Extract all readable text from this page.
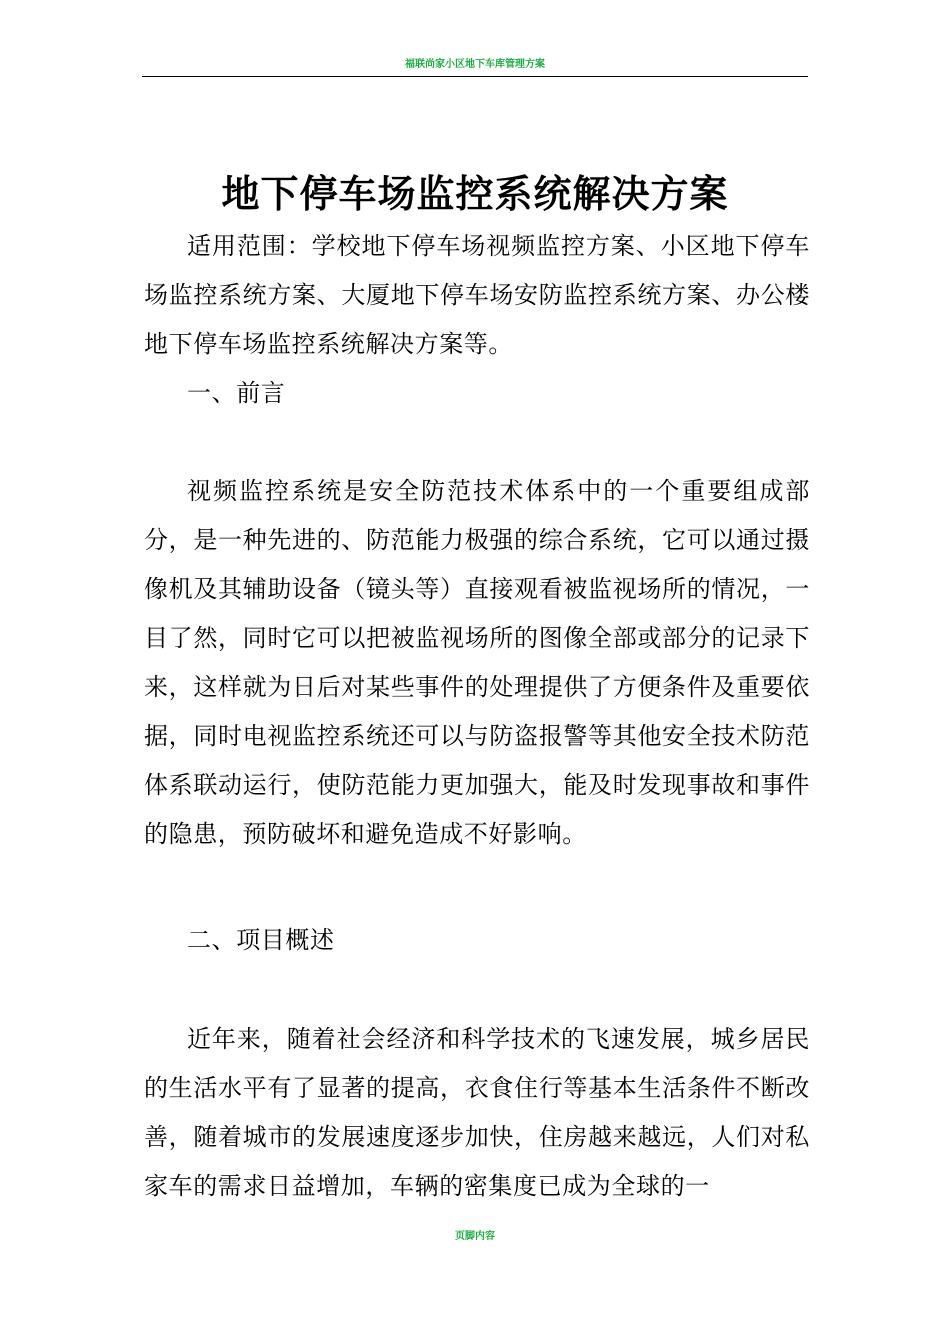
福联尚家小区地下车库管理方案
地下停车场监控系统解决方案

适用范围：学校地下停车场视频监控方案、小区地下停车场监控系统方案、大厦地下停车场安防监控系统方案、办公楼地下停车场监控系统解决方案等。

一、前言

视频监控系统是安全防范技术体系中的一个重要组成部分，是一种先进的、防范能力极强的综合系统，它可以通过摄像机及其辅助设备（镜头等）直接观看被监视场所的情况，一目了然，同时它可以把被监视场所的图像全部或部分的记录下来，这样就为日后对某些事件的处理提供了方便条件及重要依据，同时电视监控系统还可以与防盗报警等其他安全技术防范体系联动运行，使防范能力更加强大，能及时发现事故和事件的隐患，预防破坏和避免造成不好影响。

二、项目概述

近年来，随着社会经济和科学技术的飞速发展，城乡居民的生活水平有了显著的提高，衣食住行等基本生活条件不断改善，随着城市的发展速度逐步加快，住房越来越远，人们对私家车的需求日益增加，车辆的密集度已成为全球的一

页脚内容
